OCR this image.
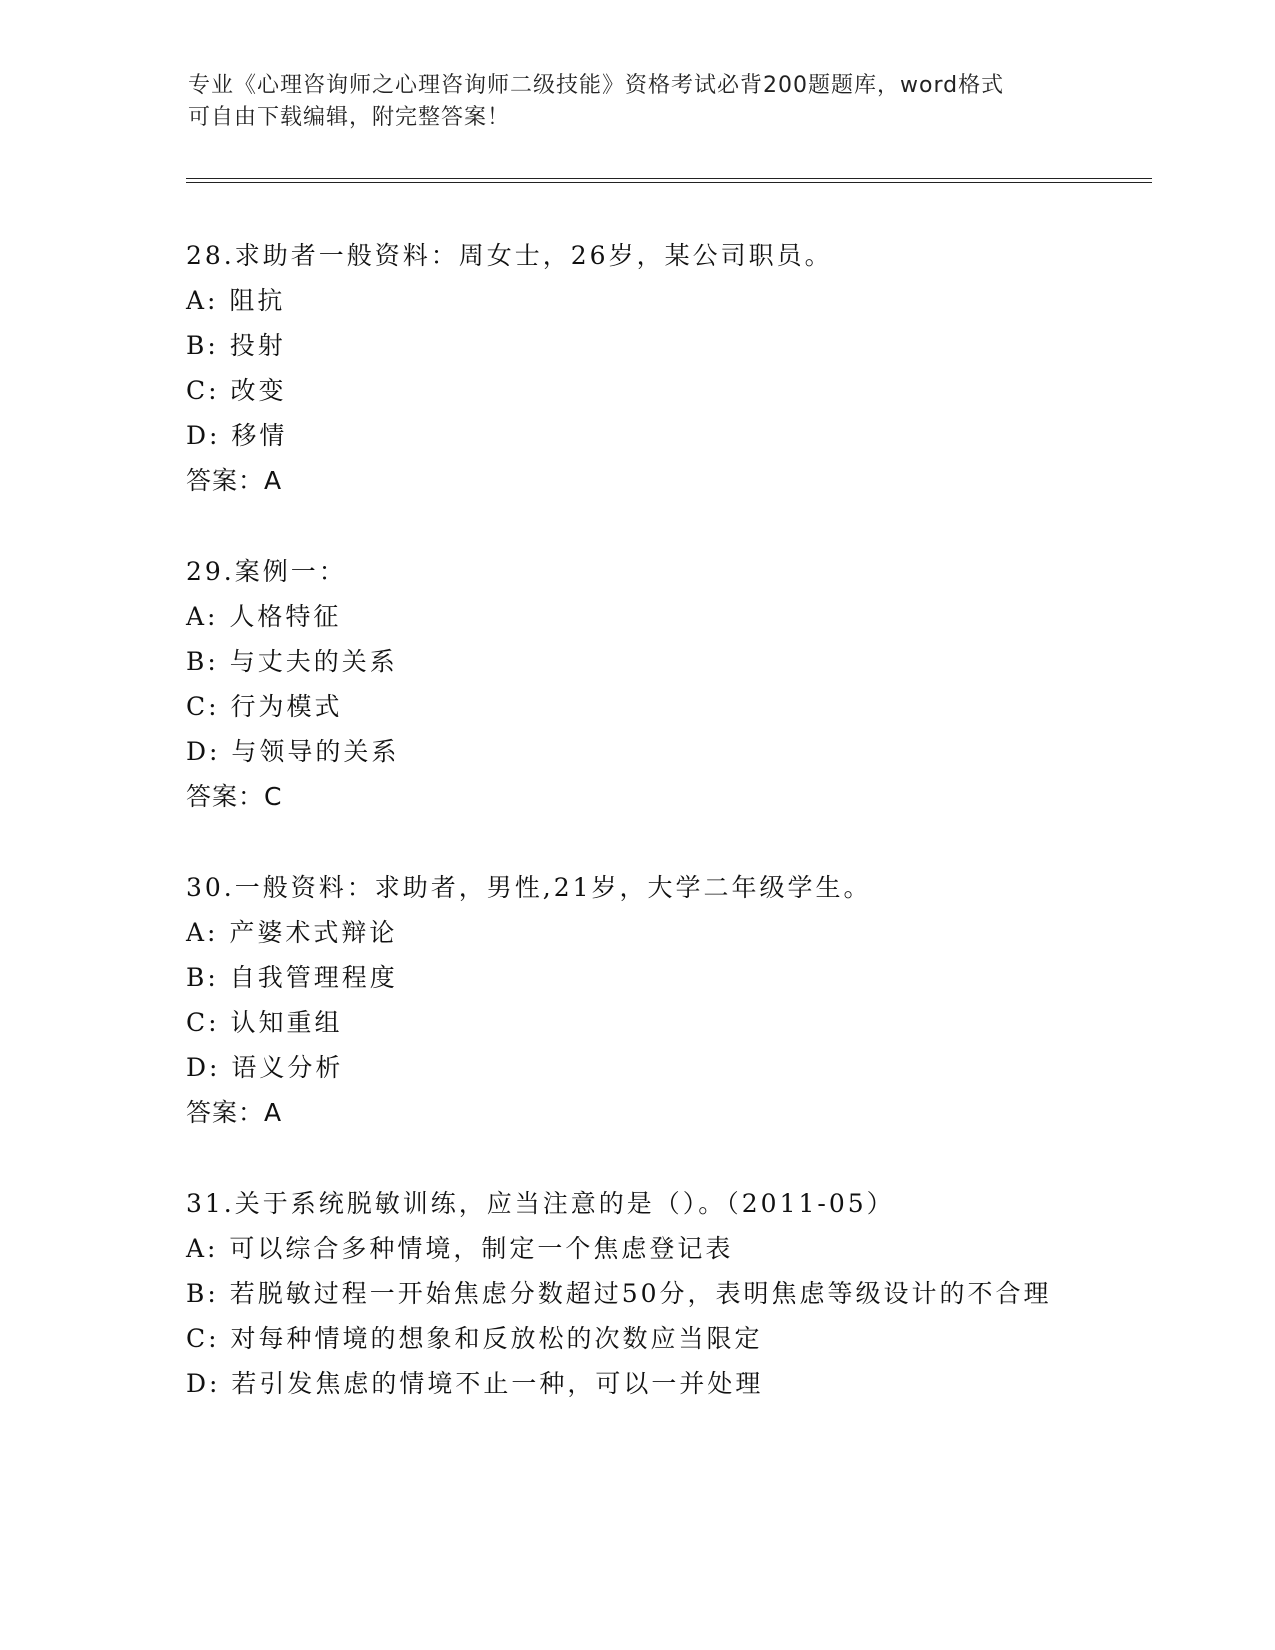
专业《心理咨询师之心理咨询师二级技能》资格考试必背200题题库，word格式
可自由下载编辑，附完整答案！
28.求助者一般资料：周女士，26岁，某公司职员。
A: 阻抗
B: 投射
C: 改变
D: 移情
答案：A
29.案例一：
A: 人格特征
B: 与丈夫的关系
C: 行为模式
D: 与领导的关系
答案：C
30.一般资料：求助者，男性,21岁，大学二年级学生。
A: 产婆术式辩论
B: 自我管理程度
C: 认知重组
D: 语义分析
答案：A
31.关于系统脱敏训练，应当注意的是（）。（2011-05）
A: 可以综合多种情境，制定一个焦虑登记表
B: 若脱敏过程一开始焦虑分数超过50分，表明焦虑等级设计的不合理
C: 对每种情境的想象和反放松的次数应当限定
D: 若引发焦虑的情境不止一种，可以一并处理
